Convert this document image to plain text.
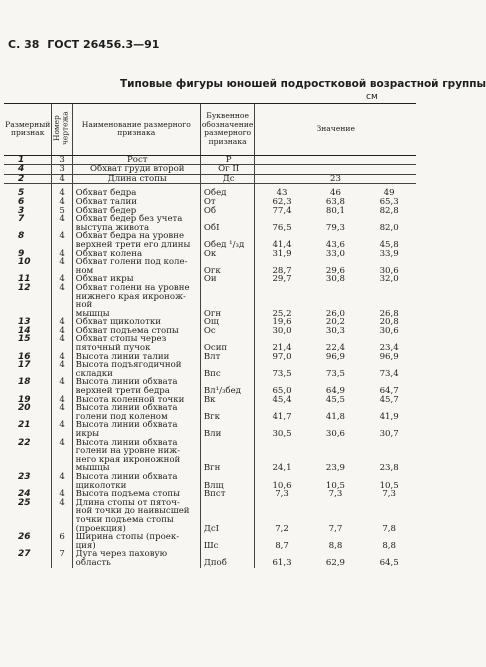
С. 38 ГОСТ 26456.3—91
Типовые фигуры юношей подростковой возрастной группы
см
Размерный признак	Номер чертежа	Наименование размерного признака	Буквенное обозначение размерного признака	Значение		
1	3	Рост	Р			
4	3	Обхват груди второй	Ог II			
2	4	Длина стопы	Дс		23	

5	4	Обхват бедра	Обед	43	46	49
6	4	Обхват талии	От	62,3	63,8	65,3
3	5	Обхват бедер	Об	77,4	80,1	82,8
7	4	Обхват бедер без учета				
		выступа живота	ОбI	76,5	79,3	82,0
8	4	Обхват бедра на уровне				
		верхней трети его длины	Обед ¹/₃д	41,4	43,6	45,8
9	4	Обхват колена	Ок	31,9	33,0	33,9
10	4	Обхват голени под коле-				
		ном	Огк	28,7	29,6	30,6
11	4	Обхват икры	Ои	29,7	30,8	32,0
12	4	Обхват голени на уровне				
		нижнего края икронож-				
		ной				
		мышцы	Огн	25,2	26,0	26,8
13	4	Обхват щиколотки	Ощ	19,6	20,2	20,8
14	4	Обхват подъема стопы	Ос	30,0	30,3	30,6
15	4	Обхват стопы через				
		пяточный пучок	Осип	21,4	22,4	23,4
16	4	Высота линии талии	Влт	97,0	96,9	96,9
17	4	Высота подъягодичной				
		складки	Впс	73,5	73,5	73,4
18	4	Высота линии обхвата				
		верхней трети бедра	Вл¹/₃бед	65,0	64,9	64,7
19	4	Высота коленной точки	Вк	45,4	45,5	45,7
20	4	Высота линии обхвата				
		голени под коленом	Вгк	41,7	41,8	41,9
21	4	Высота линии обхвата				
		икры	Вли	30,5	30,6	30,7
22	4	Высота линии обхвата				
		голени на уровне ниж-				
		него края икроножной				
		мышцы	Вгн	24,1	23,9	23,8
23	4	Высота линии обхвата				
		щиколотки	Влщ	10,6	10,5	10,5
24	4	Высота подъема стопы	Впст	7,3	7,3	7,3
25	4	Длина стопы от пяточ-				
		ной точки до наивысшей				
		точки подъема стопы				
		(проекция)	ДсI	7,2	7,7	7,8
26	6	Ширина стопы (проек-				
		ция)	Шс	8,7	8,8	8,8
27	7	Дуга через паховую				
		область	Дпоб	61,3	62,9	64,5
